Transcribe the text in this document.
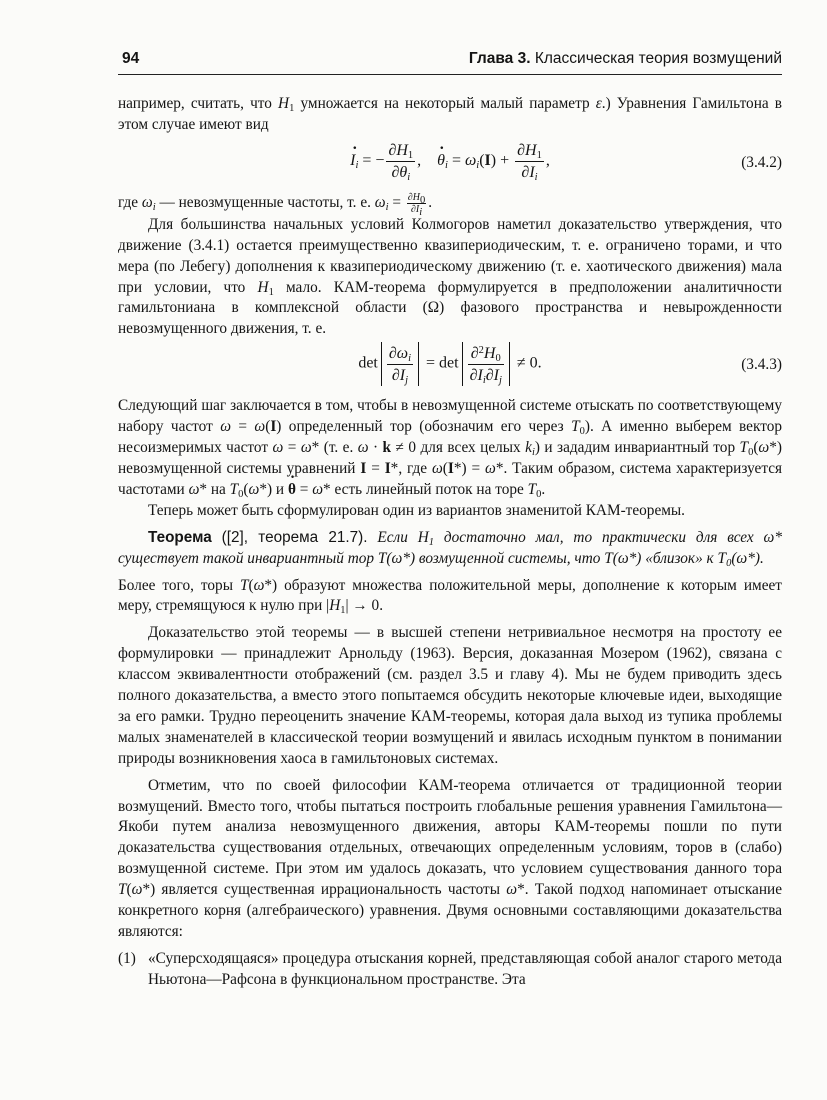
94	Глава 3. Классическая теория возмущений

например, считать, что $H_1$ умножается на некоторый малый параметр ε.) Уравнения Гамильтона в этом случае имеют вид

· $I_i$ = − $\frac{\partial H_1}{\partial\theta_i}$ ,    · $\theta_i = \omega_i(I) + \frac{\partial H_1}{\partial I_i}$ ,	(3.4.2)

где $\omega_i$ — невозмущенные частоты, т. е. $\omega_i = \frac{\partial H_0}{\partial I_i}$ .

Для большинства начальных условий Колмогоров наметил доказательство утверждения, что движение (3.4.1) остается преимущественно квазипериодическим, т. е. ограничено торами, и что мера (по Лебегу) дополнения к квазипериодическому движению (т. е. хаотического движения) мала при условии, что $H_1$ мало. КАМ-теорема формулируется в предположении аналитичности гамильтониана в комплексной области (Ω) фазового пространства и невырожденности невозмущенного движения, т. е.

$\det \frac{\partial\omega_i}{\partial I_j} = \det \frac{\partial^2H_0}{\partial I_i\partial I_j} \ne 0$.	(3.4.3)

Следующий шаг заключается в том, чтобы в невозмущенной системе отыскать по соответствующему набору частот ω = ω(I) определенный тор (обозначим его через $T_0$). А именно выберем вектор несоизмеримых частот ω = ω* (т. е. ω · k ≠ 0 для всех целых $k_i$) и зададим инвариантный тор $T_0(\omega*)$ невозмущенной системы уравнений I = I*, где ω(I*) = ω*. Таким образом, система характеризуется частотами ω* на $T_0(\omega*) и \cdot \theta = \omega*$ есть линейный поток на торе $T_0$.

Теперь может быть сформулирован один из вариантов знаменитой КАМ-теоремы.

Теорема ([2], теорема 21.7). Если $H_1$ достаточно мал, то практически для всех ω* существует такой инвариантный тор T(ω*) возмущенной системы, что T(ω*) «близок» к $T_0(\omega*)$.

Более того, торы T(ω*) образуют множества положительной меры, дополнение к которым имеет меру, стремящуюся к нулю при $|H_1| \to 0$.

Доказательство этой теоремы — в высшей степени нетривиальное несмотря на простоту ее формулировки — принадлежит Арнольду (1963). Версия, доказанная Мозером (1962), связана с классом эквивалентности отображений (см. раздел 3.5 и главу 4). Мы не будем приводить здесь полного доказательства, а вместо этого попытаемся обсудить некоторые ключевые идеи, выходящие за его рамки. Трудно переоценить значение КАМ-теоремы, которая дала выход из тупика проблемы малых знаменателей в классической теории возмущений и явилась исходным пунктом в понимании природы возникновения хаоса в гамильтоновых системах.

Отметим, что по своей философии КАМ-теорема отличается от традиционной теории возмущений. Вместо того, чтобы пытаться построить глобальные решения уравнения Гамильтона—Якоби путем анализа невозмущенного движения, авторы КАМ-теоремы пошли по пути доказательства существования отдельных, отвечающих определенным условиям, торов в (слабо) возмущенной системе. При этом им удалось доказать, что условием существования данного тора T(ω*) является существенная иррациональность частоты ω*. Такой подход напоминает отыскание конкретного корня (алгебраического) уравнения. Двумя основными составляющими доказательства являются:

(1) «Суперсходящаяся» процедура отыскания корней, представляющая собой аналог старого метода Ньютона—Рафсона в функциональном пространстве. Эта
